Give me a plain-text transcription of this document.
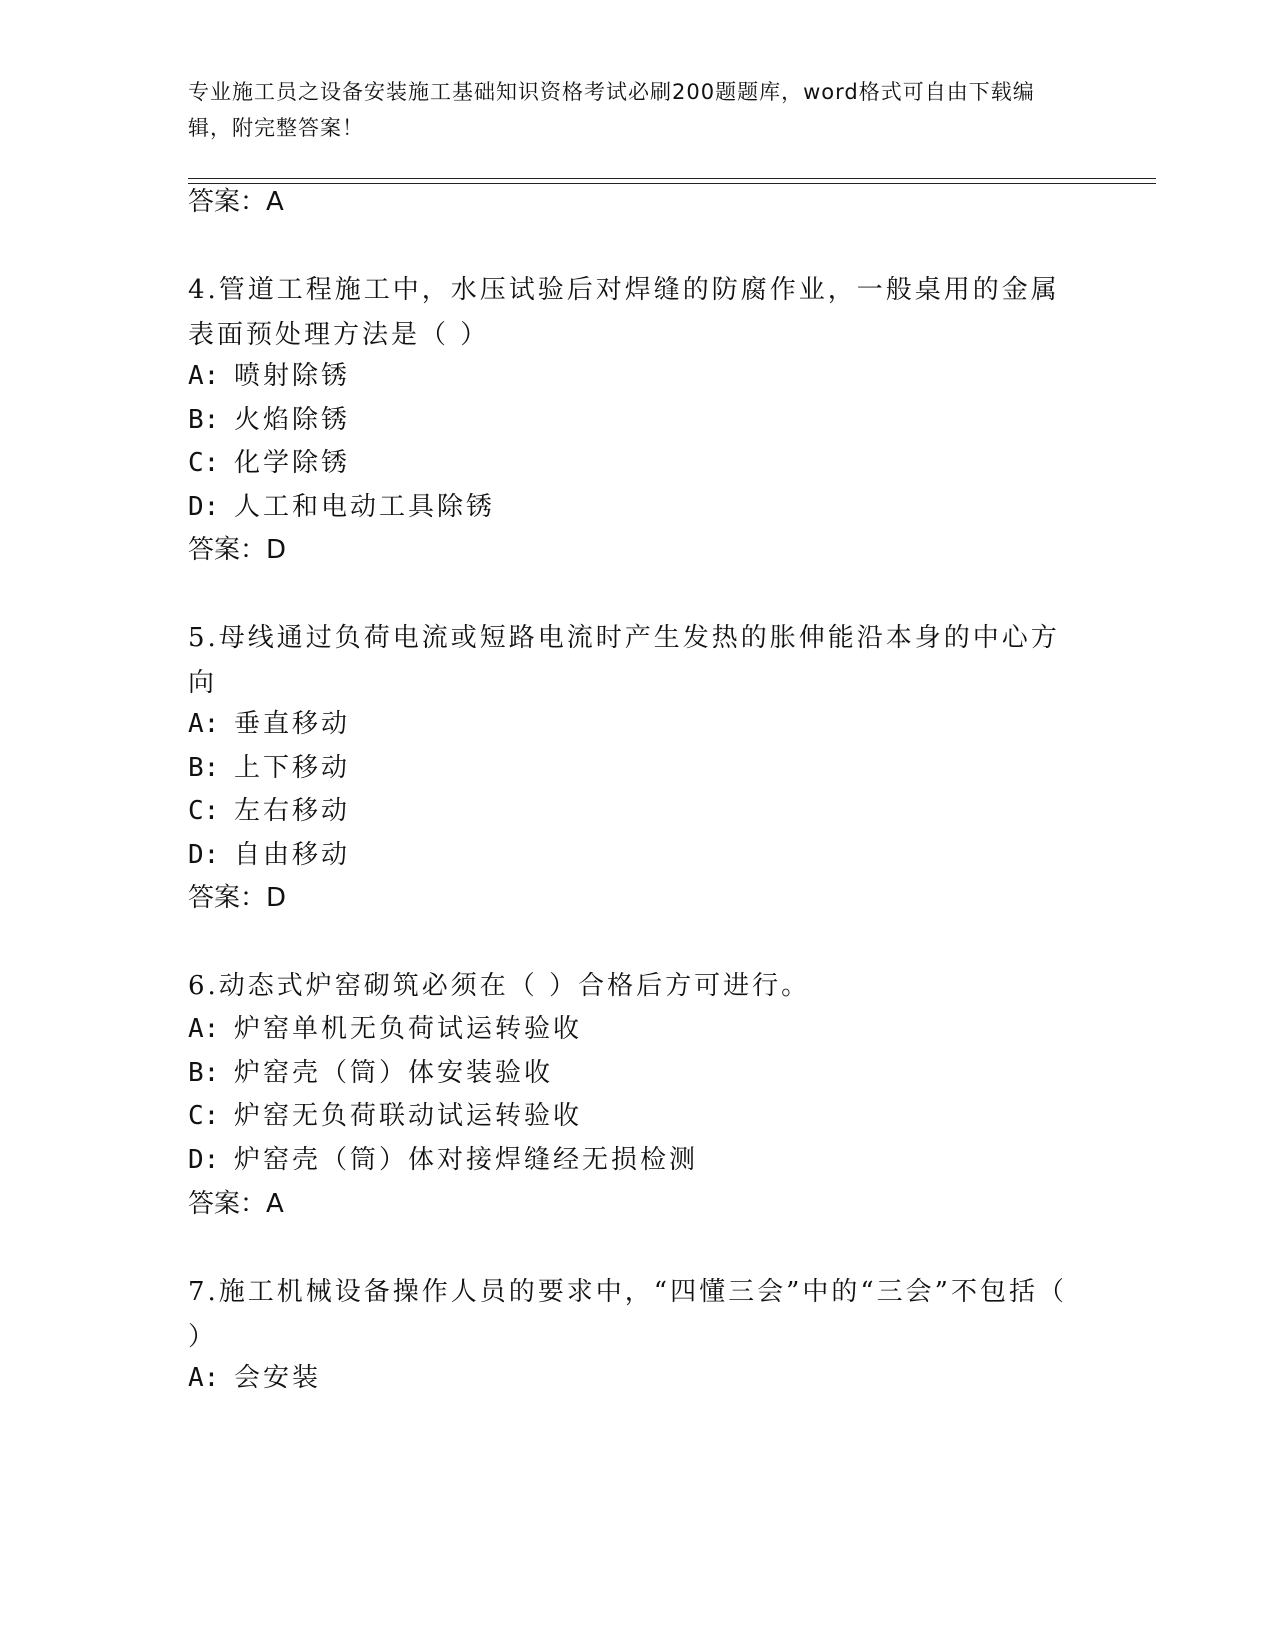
专业施工员之设备安装施工基础知识资格考试必刷200题题库，word格式可自由下载编辑，附完整答案！
答案：A
4.管道工程施工中，水压试验后对焊缝的防腐作业，一般桌用的金属表面预处理方法是（ ）
A: 喷射除锈
B: 火焰除锈
C: 化学除锈
D: 人工和电动工具除锈
答案：D
5.母线通过负荷电流或短路电流时产生发热的胀伸能沿本身的中心方向
A: 垂直移动
B: 上下移动
C: 左右移动
D: 自由移动
答案：D
6.动态式炉窑砌筑必须在（ ）合格后方可进行。
A: 炉窑单机无负荷试运转验收
B: 炉窑壳（筒）体安装验收
C: 炉窑无负荷联动试运转验收
D: 炉窑壳（筒）体对接焊缝经无损检测
答案：A
7.施工机械设备操作人员的要求中，“四懂三会”中的“三会”不包括（ ）
A: 会安装
